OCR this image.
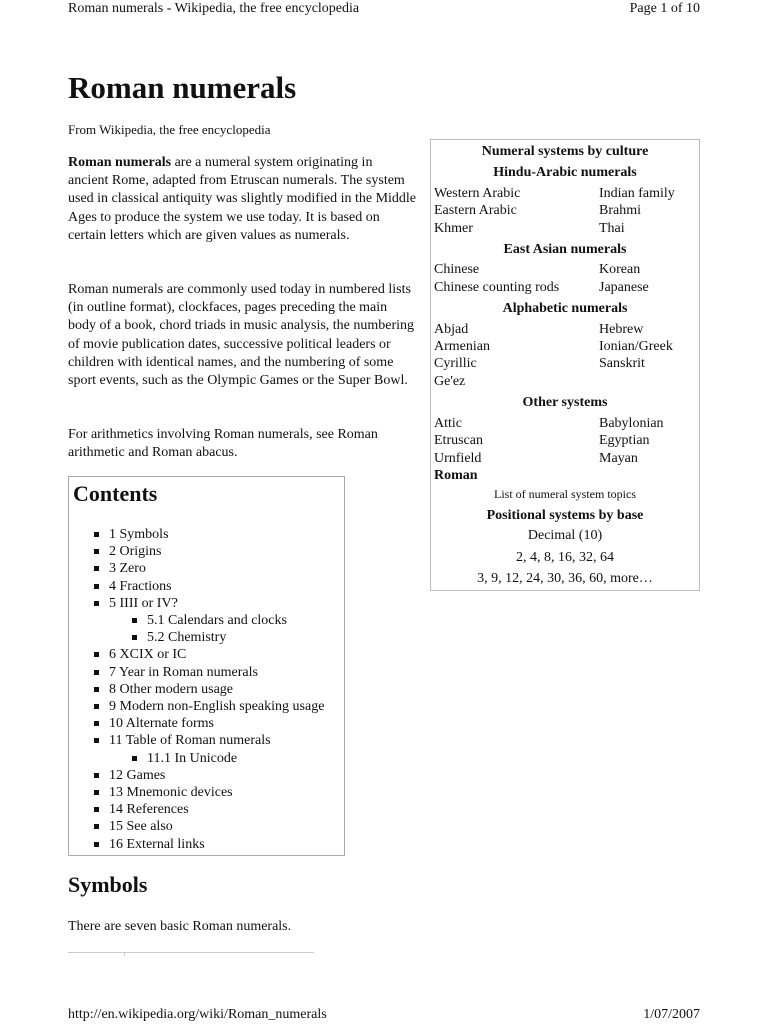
Roman numerals - Wikipedia, the free encyclopedia	Page 1 of 10
Roman numerals
From Wikipedia, the free encyclopedia

Roman numerals are a numeral system originating in ancient Rome, adapted from Etruscan numerals. The system used in classical antiquity was slightly modified in the Middle Ages to produce the system we use today. It is based on certain letters which are given values as numerals.

Roman numerals are commonly used today in numbered lists (in outline format), clockfaces, pages preceding the main body of a book, chord triads in music analysis, the numbering of movie publication dates, successive political leaders or children with identical names, and the numbering of some sport events, such as the Olympic Games or the Super Bowl.

For arithmetics involving Roman numerals, see Roman arithmetic and Roman abacus.

Numeral systems by culture
Hindu-Arabic numerals
Western Arabic	Indian family
Eastern Arabic	Brahmi
Khmer	Thai
East Asian numerals
Chinese	Korean
Chinese counting rods	Japanese
Alphabetic numerals
Abjad	Hebrew
Armenian	Ionian/Greek
Cyrillic	Sanskrit
Ge'ez
Other systems
Attic	Babylonian
Etruscan	Egyptian
Urnfield	Mayan
Roman
List of numeral system topics
Positional systems by base
Decimal (10)
2, 4, 8, 16, 32, 64
3, 9, 12, 24, 30, 36, 60, more…
Contents
1 Symbols
2 Origins
3 Zero
4 Fractions
5 IIII or IV?
5.1 Calendars and clocks
5.2 Chemistry
6 XCIX or IC
7 Year in Roman numerals
8 Other modern usage
9 Modern non-English speaking usage
10 Alternate forms
11 Table of Roman numerals
11.1 In Unicode
12 Games
13 Mnemonic devices
14 References
15 See also
16 External links
Symbols
There are seven basic Roman numerals.
http://en.wikipedia.org/wiki/Roman_numerals	1/07/2007
